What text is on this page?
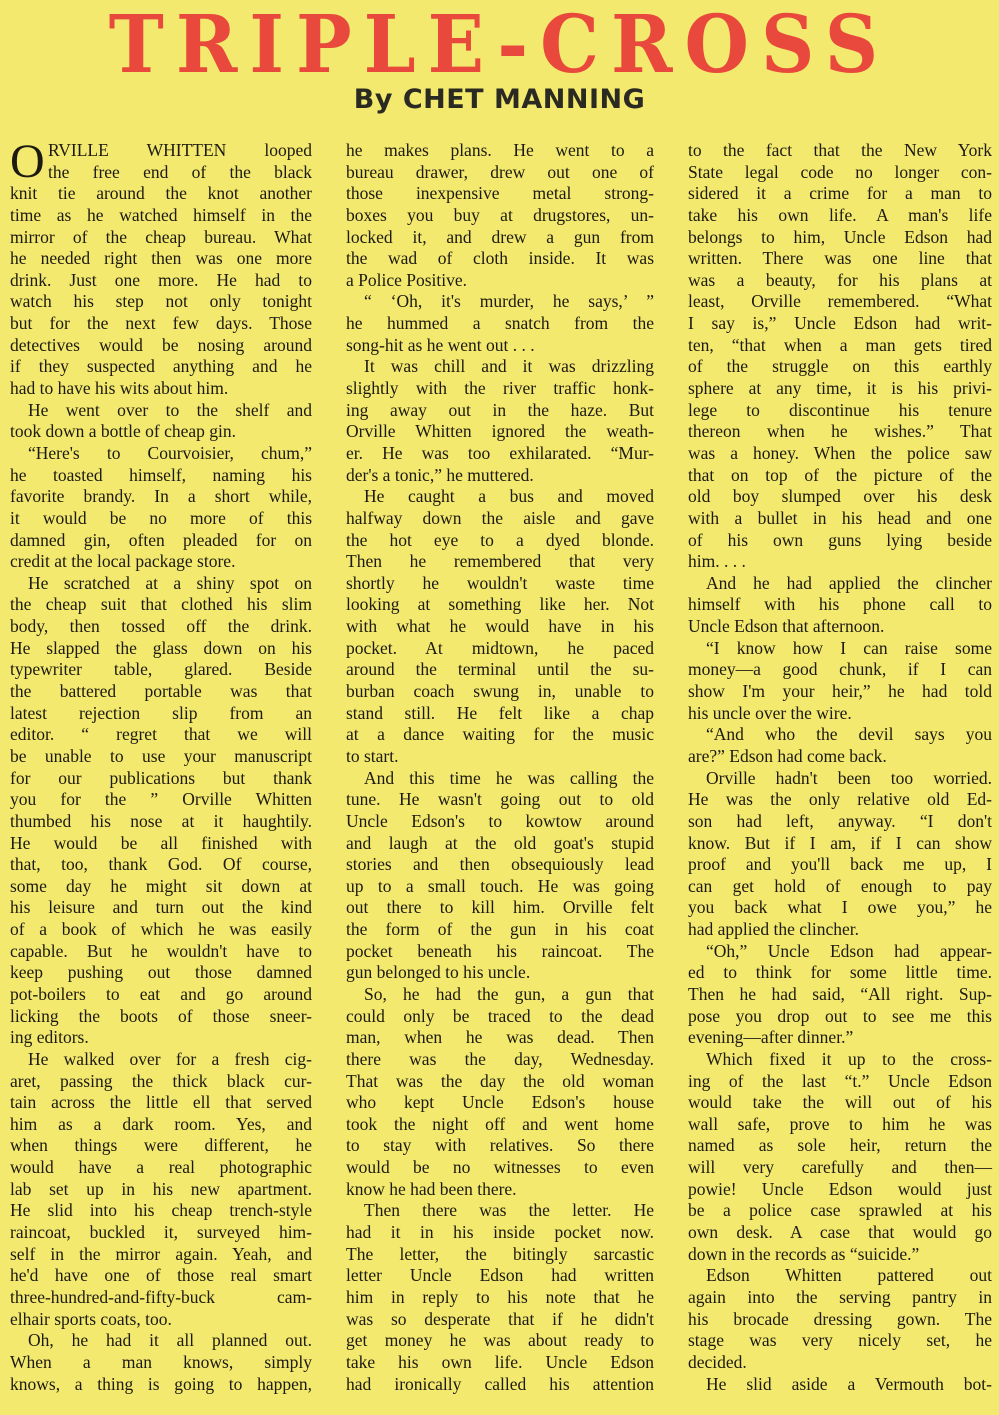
TRIPLE-CROSS
By CHET MANNING
O RVILLE WHITTEN looped
the free end of the black
knit tie around the knot another
time as he watched himself in the
mirror of the cheap bureau. What
he needed right then was one more
drink. Just one more. He had to
watch his step not only tonight
but for the next few days. Those
detectives would be nosing around
if they suspected anything and he
had to have his wits about him.
He went over to the shelf and
took down a bottle of cheap gin.
“Here's to Courvoisier, chum,”
he toasted himself, naming his
favorite brandy. In a short while,
it would be no more of this
damned gin, often pleaded for on
credit at the local package store.
He scratched at a shiny spot on
the cheap suit that clothed his slim
body, then tossed off the drink.
He slapped the glass down on his
typewriter table, glared. Beside
the battered portable was that
latest rejection slip from an
editor. “ regret that we will
be unable to use your manuscript
for our publications but thank
you for the ” Orville Whitten
thumbed his nose at it haughtily.
He would be all finished with
that, too, thank God. Of course,
some day he might sit down at
his leisure and turn out the kind
of a book of which he was easily
capable. But he wouldn't have to
keep pushing out those damned
pot-boilers to eat and go around
licking the boots of those sneer-
ing editors.
He walked over for a fresh cig-
aret, passing the thick black cur-
tain across the little ell that served
him as a dark room. Yes, and
when things were different, he
would have a real photographic
lab set up in his new apartment.
He slid into his cheap trench-style
raincoat, buckled it, surveyed him-
self in the mirror again. Yeah, and
he'd have one of those real smart
three-hundred-and-fifty-buck cam-
elhair sports coats, too.
Oh, he had it all planned out.
When a man knows, simply
knows, a thing is going to happen,
he makes plans. He went to a
bureau drawer, drew out one of
those inexpensive metal strong-
boxes you buy at drugstores, un-
locked it, and drew a gun from
the wad of cloth inside. It was
a Police Positive.
“ ‘Oh, it's murder, he says,’ ”
he hummed a snatch from the
song-hit as he went out . . .
It was chill and it was drizzling
slightly with the river traffic honk-
ing away out in the haze. But
Orville Whitten ignored the weath-
er. He was too exhilarated. “Mur-
der's a tonic,” he muttered.
He caught a bus and moved
halfway down the aisle and gave
the hot eye to a dyed blonde.
Then he remembered that very
shortly he wouldn't waste time
looking at something like her. Not
with what he would have in his
pocket. At midtown, he paced
around the terminal until the su-
burban coach swung in, unable to
stand still. He felt like a chap
at a dance waiting for the music
to start.
And this time he was calling the
tune. He wasn't going out to old
Uncle Edson's to kowtow around
and laugh at the old goat's stupid
stories and then obsequiously lead
up to a small touch. He was going
out there to kill him. Orville felt
the form of the gun in his coat
pocket beneath his raincoat. The
gun belonged to his uncle.
So, he had the gun, a gun that
could only be traced to the dead
man, when he was dead. Then
there was the day, Wednesday.
That was the day the old woman
who kept Uncle Edson's house
took the night off and went home
to stay with relatives. So there
would be no witnesses to even
know he had been there.
Then there was the letter. He
had it in his inside pocket now.
The letter, the bitingly sarcastic
letter Uncle Edson had written
him in reply to his note that he
was so desperate that if he didn't
get money he was about ready to
take his own life. Uncle Edson
had ironically called his attention
to the fact that the New York
State legal code no longer con-
sidered it a crime for a man to
take his own life. A man's life
belongs to him, Uncle Edson had
written. There was one line that
was a beauty, for his plans at
least, Orville remembered. “What
I say is,” Uncle Edson had writ-
ten, “that when a man gets tired
of the struggle on this earthly
sphere at any time, it is his privi-
lege to discontinue his tenure
thereon when he wishes.” That
was a honey. When the police saw
that on top of the picture of the
old boy slumped over his desk
with a bullet in his head and one
of his own guns lying beside
him. . . .
And he had applied the clincher
himself with his phone call to
Uncle Edson that afternoon.
“I know how I can raise some
money—a good chunk, if I can
show I'm your heir,” he had told
his uncle over the wire.
“And who the devil says you
are?” Edson had come back.
Orville hadn't been too worried.
He was the only relative old Ed-
son had left, anyway. “I don't
know. But if I am, if I can show
proof and you'll back me up, I
can get hold of enough to pay
you back what I owe you,” he
had applied the clincher.
“Oh,” Uncle Edson had appear-
ed to think for some little time.
Then he had said, “All right. Sup-
pose you drop out to see me this
evening—after dinner.”
Which fixed it up to the cross-
ing of the last “t.” Uncle Edson
would take the will out of his
wall safe, prove to him he was
named as sole heir, return the
will very carefully and then—
powie! Uncle Edson would just
be a police case sprawled at his
own desk. A case that would go
down in the records as “suicide.”
Edson Whitten pattered out
again into the serving pantry in
his brocade dressing gown. The
stage was very nicely set, he
decided.
He slid aside a Vermouth bot-
